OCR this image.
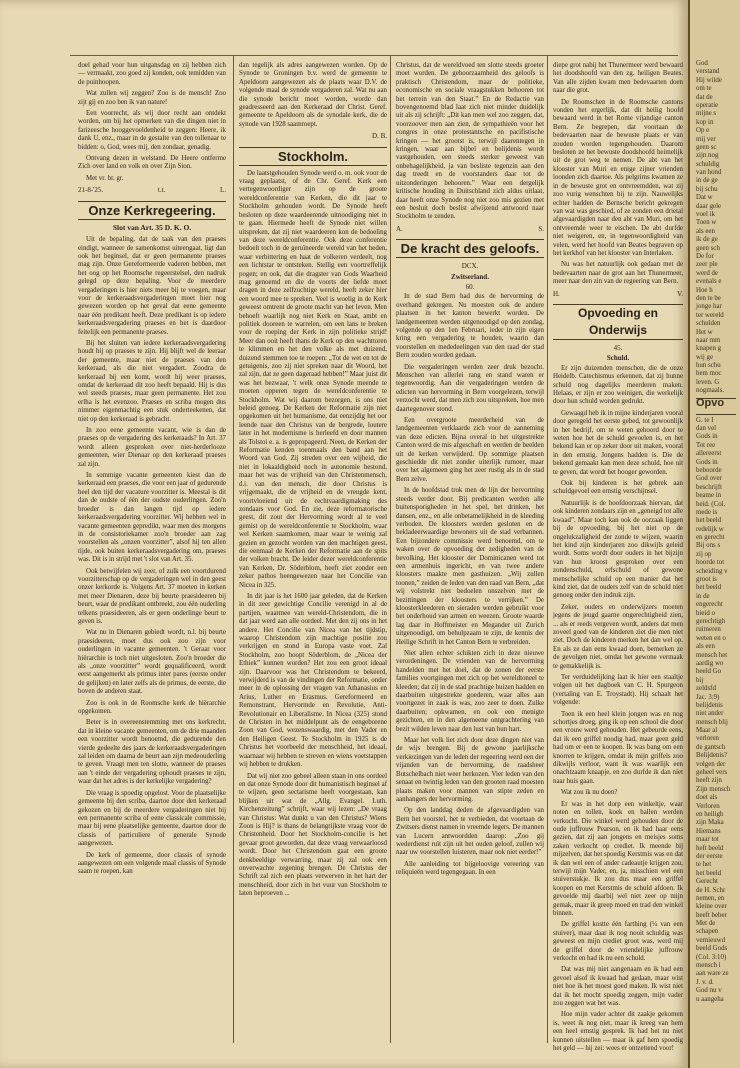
doel gehad voor hun uitgansdag en zij hebben zich — vermaakt, zoo goed zij konden, ook temidden van de puinhoopen.

Wat zullen wij zeggen? Zoo is de mensch! Zoo zijt gij en zoo ben ik van nature!

Een voorrecht, als wij door recht aan ontdekt worden, om bij het opmerken van die dingen niet in farizeesche hooggevoeldenheid te zeggen: Heere, ik dank U, enz., maar in de gestalte van den tollenaar te bidden: o, God, wees mij, den zondaar, genadig.

Ontvang dezen in welstand. De Heere ontferme Zich over land en volk en over Zijn Sion.

Met vr. br. gr.

21-8-'25.	t.t.	L.
Onze Kerkregeering.
Slot van Art. 35 D. K. O.

Uit de bepaling, dat de taak van den praeses eindigt, wanneer de samenkomst uiteengaat, ligt dan ook het beginsel, dat er geen permanente praeses mag zijn. Onze Gereformeerde vaderen hebben, met het oog op het Roomsche regeerstelsel, den nadruk gelegd op deze bepaling. Voor de meerdere vergaderingen is hier niets meer bij te voegen, maar voor de kerkeraadsvergaderingen moet hier nog gewezen worden op het geval dat eene gemeente naar één predikant heeft. Deze predikant is op iedere kerkeraadsvergadering praeses en het is daardoor feitelijk een permanente praeses.

Bij het sluiten van iedere kerkeraadsvergadering houdt bij op praeses te zijn. Hij blijft wel de leeraar der gemeente, maar niet de praeses van den kerkeraad, als die niet vergadert. Zoodra de kerkeraad bij een komt, wordt hij weer praeses, omdat de kerkeraad dit zoo heeft bepaald. Hij is dus wel steeds praeses, maar geen permanente. Het zou erlha is het evenzoo. Praeses en scriba mogen dus nimmer eigenmachtig een stuk onderteekenen, dat niet op den kerkeraad is gebracht.

In zoo eene gemeente vacant, wie is dan de praeses op de vergadering des kerkeraads? In Art. 37 wordt alleen gesproken over niet-herderlooze gemeenten, wier Dienaar op den kerkeraad praeses zal zijn.

In sommige vacante gemeenten kiest dan de kerkeraad een praeses, die voor een jaar of gedurende heel den tijd der vacature voorzitter is. Meestal is dit dan de oudste of één der oudste ouderlingen. Zoo'n broeder is dan langen tijd op iedere kerkeraadsvergadering voorzitter. Wij hebben wel in vacante gemeenten gepredikt, waar men des morgens in de consistoriekamer zoo'n broeder aan zag voorstellen als „onzen voorzitter”, alsof hij ten allen tijde, ook buiten kerkeraadsvergadering om, praeses was. Dit is in strijd met 't slot van Art. 35.

Ook betwijfelen wij zeer, of zulk een voortdurend voorzitterschap op de vergaderingen wel in den geest onzer kerkorde is. Volgens Art. 37 moeten in kerken met meer Dienaren, deze bij beurte praesideeren bij beurt, waar de predikant ontbreekt, zou één ouderling telkens praesideeren, als er geen onderlinge beurt te geven is.

Wat nu in Dienaren gebiedt wordt, n.l. bij beurte praesideeren, moet dus ook zoo zijn voor ouderlingen in vacante gemeenten. 't Geraar voor hiërarchie is toch niet uitgesloten. Zoo'n broeder die als „onze voorzitter” wordt gequalificeerd, wordt eerst aangemerkt als primus inter pares (eerste onder de gelijken) en later zelfs als de primus, de eerste, die boven de anderen staat.

Zoo is ook in de Roomsche kerk de hiërarchie opgekomen.

Beter is in overeenstemming met ons kerkrecht, dat in kleine vacante gemeenten, om de drie maanden een voorzitter wordt benoemd, die gedurende den vierde gedeelte des jaars de kerkeraadsvergaderingen zal leiden om daarna de beurt aan zijn medeouderling te geven. Vraagt men ten slotte, wanneer de praeses aan 't einde der vergadering ophoudt praeses te zijn, waar dat het adres is der kerkelijke vergadering?

Die vraag is spoedig opgelost. Voor de plaatselijke gemeente bij den scriba, daartoe door den kerkeraad gekozen en bij de meerdere vergaderingen niet bij een permanente scriba of eene classicale commissie, maar bij eene plaatselijke gemeente, daartoe door de classis of particuliere of generale Synode aangewezen.

De kerk of gemeente, door classis of synode aangewezen om een volgende maal classis of Synode saam te roepen, kan

dan tegelijk als adres aangewezen worden. Op de Synode te Groningen b.v. werd de gemeente te Apeldoorn aangewezen als de plaats waar D.V. de volgende maal de synode vergaderen zal. Wat nu aan die synode bericht moet worden, worde dan geadresseerd aan den Kerkeraad der Christ. Geref. gemeente te Apeldoorn als de synodale kerk, die de synode van 1928 saamroept.

D. B.
Stockholm.

De laatstgehouden Synode werd o. m. ook voor de vraag geplaatst, of de Chr. Geref. Kerk een vertegenwoordiger zijn op de groote wereldconferentie van Kerken, die dit jaar te Stockholm gehouden wordt. De Synode heeft besloten op deze waardeerende uitnoodiging niet in te gaan. Hiermede heeft de Synode niet willen uitspreken, dat zij niet waardeeren kon de bedoeling van deze wereldconferentie. Ook deze conferentie bedoelt toch in de geruïneerde wereld van het heden, waar verbittering en haat de volkeren verdeelt, nog een lichtstar te ontsteken. Stellig een voortreffelijk pogen; en ook, dat die dragster van Gods Waarheid mag genoemd en die de voorts der liefde moet dragen in deze zelfzuchtige wereld, heeft zeker hier een woord mee te spreken. Veel is woelig in de Kerk geweest omtrent de groote macht van het leven. Men behoeft waarlijk nog niet Kerk en Staat, ambt en politiek dooreen te warrelen, om een lans te breken voor de roeping der Kerk in zijn politieke strijd! Meer dan ooit heeft thans de Kerk op den wachttoren te klimmen en het den volke als met duizend, duizend stemmen toe te roepen: „Tot de wet en tot de getuigenis, zoo zij niet spreken naar dit Woord, het zal zijn, dat ze geen dageraad hebben!” Maar juist dit was het bezwaar, 't welk onze Synode meende te moeten opperen tegen de wereldconferentie te Stockholm. Wat wij daarom bezorgen, is ons niet beleid genoeg. De Kerken der Reformatie zijn niet opgekomen uit het humanisme, dat eenzijdig het oor leende naar den Christus van de bergrede, loutere later in het modernisme is herleefd en door mannen als Tolstoi e. a. is gepropageerd. Neen, de Kerken der Reformatie kenden toenmaals den band aan het Woord van God. Zij streden over een wijheid, die niet in lokaaldigheid noch in autonomie bestond, maar het was de vrijheid van den Christenmensch, d.i. van den mensch, die door Christus is vrijgemaakt, die de vrijheid en de vreugde kent, voortvloeiend uit de rechtvaardigmaking des zondaars voor God. En zie, deze reformatorische geest, dit zout der Hervorming wordt al te veel gemist op de wereldconferentie te Stockholm, waar wel Kerken saamkomen, maar waar te weinig zal gezien en gezocht worden van den machtigen geest, die eenmaal de Kerken der Reformatie aan de spits der volken bracht. De leider dezer wereldconferentie van Kerken, Dr. Söderblom, heeft ziet zonder een zeker pathos heengewezen naar het Concilie van Nicea in 325.

In dit jaar is het 1600 jaar geleden, dat de Kerken in dit zeer gewichtige Concilie verenigd in al de partijen, waarmee van wereld-Christendom, die in dat jaar werd aan alle oordeel. Met den zij ons in het andere. Het Concilie van Nicea van het tijdstip, waarop Christendom zijn machtige positie zou verkrijgen en stond in Europa vaste voet. Zal Stockholm, zoo hoopt Söderblom, de „Nicea der Ethiek” kunnen worden? Het zou een groot ideaal zijn. Daarvoor was het Christendom te bekeerd, verwijderd is van de vindingen der Reformatie, onder meer in de oplossing der vragen van Athanasius en Arius, Luther en Erasmus. Gereformeerd en Remonstrant, Hervormde en Revolutie, Anti-Revolutionair en Liberalisme. In Nicea (325) stond de Christen in het middelpunt als de eengeborene Zoon van God, wezenswaardig, met den Vader en den Heiligen Geest. Te Stockholm in 1925 is de Christus het voorbeeld der menschheid, het ideaal, waarnaar wij hebben te streven en wiens voetstappen wij hebben te drukken.

Dat wij niet zoo gebeel alleen staan in ons oordeel en dat onze Synode door dit humanistisch beginsel af te wijzen, geen sectarisme heeft voorgestaan, kan blijken uit wat de „Allg. Evangel. Luth. Kirchenzeitung” schrijft, waar wij lezen: „De vraag van Christus: Wat dunkt u van den Christus? Wiens Zoon is Hij? is thans de belangrijkste vraag voor de Christenheid. Door het Stockholm-concilie is het gevaar groot geworden, dat deze vraag verwaarloosd wordt. Door het Christendom gaat een groote denkbeeldige verwarring, maar zij zal ook een onverwachte zegening brengen. De Christus der Schrift zal zich een plaats verwerven in het hart der menschheid, door zich in het vuur van Stockholm te laten beproeven ...

Christus, dat de wereldvoed ten slotte steeds groeter moet worden. De gehoorzaamheid des geloofs is praktisch Christendom, maar de politieke, economische en sociale vraagstukken behooren tot het terrein van den Staat.” En de Redactie van bovengenoemd blad laat zich niet minder duidelijk uit als zij schrijft: „Dit kan men wel zoo zeggen, dat, voorzoover men aan zien, de sympathieën voor het congres in onze protestantsche en pacifistische kringen — het grootst is, terwijl daarentegen in kringen, waar aan bijbel en belijdenis wordt vastgehouden, een steeds sterker geweest van onbehagelijkheid, ja van besliste tegenzin aan den dag treedt en de voorstanders daar tot de uitzonderingen behooren.” Waar een dergelijk kritische houding in Duitschland zich aldus uitlaat, daar heeft onze Synode nog niet zoo mis gezien met een besluit doch beslist afwijzend antwoord naar Stockholm te zenden.

A.	S.
De kracht des geloofs.
DCX.
Zwitserland.
60.

In de stad Bern had dus de hervorming de overhand gekregen. Nu moesten ook de andere plaatsen in het kanton bewerkt worden. De landgemeenten werden uitgenoodigd op den zondag, volgende op den 1en Februari, ieder in zijn eigen kring een vergadering te houden, waarin dan voorstellen en mededeelingen van den raad der stad Bern zouden worden gedaan.

Die vergaderingen werden zeer druk bezocht. Menschen van allerlei rang en stand waren er tegenwoordig. Aan die vergaderingen werden de edicten van hervorming in Bern voorgelezen, terwijl verzocht werd, dat men zich zou uitspreken, hoe men daartegenover stond.

Een overgroote meerderheid van de landgemeenten verklaarde zich voor de aanneming van deze edicten. Bijna overal in het uitgestrekte Canton werd de mis afgeschaft en werden de beelden uit de kerken verwijderd. Op sommige plaatsen geschiedde dit niet zonder uiterlijk rumoer, maar over het algemeen ging het zeer rustig als in de stad Bern zelve.

In de hoofdstad trok men de lijn der hervorming steeds verder door. Bij predicanten werden alle buitensporigheden in het spel, het drinken, het dansen, enz., en alle onbetamelijkheid in de kleeding verboden. De kloosters werden gesloten en de bekladeerwaardige bewoners uit de stad verbannen. Een bijzondere commissie werd benoemd, om te waken over de opvoeding der zedigheden van de bevolking. Het klooster der Dominicanen werd tot een armenhuis ingericht, en van twee andere kloosters maakte men gasthuizen. „Wij zullen toonen,” zeiden de leden van den raad van Bern, „dat wij volstrekt niet bedoelen onszelven met de bezittingen der kloosters te verrijken.” De kloosterkleederen en sieraden werden gebruikt voor het onderhoud van armen en weezen. Groote waarde lag daar in Hoffmeister en Megander uit Zurich uitgenoodigd, om behulpzaam te zijn, de kennis der Heilige Schrift in het Canton Bern te verbreiden.

Niet allen echter schikten zich in deze nieuwe verordeningen. De vrienden van de hervorming handelden met het doel, dat de zonen der eerste families voortgingen met zich op het wereldtoneel te kleeden; dat zij in de stad prachtige huizen hadden en daarbuiten uitgestrekte goederen, waar alles aan voortgezet in zaak is was, zoo zeer te doen. Zulke daarbuiten; opkwamen, en ook een menigte gezichten, en in den algemeene ontgrachtering van bezit wilden leven naar den lust van hun hart.

Maar het volk liet zich door deze dingen niet van de wijs brengen. Bij de gewone jaarlijksche verkiezingen van de leden der regeering werd een der vijanden van de hervorming, de raadsheer Butschelbach niet weer herkozen. Vier leden van den senaat en twintig leden van den grooten raad moesten plaats maken voor mannen van stipte zeden en aanhangers der hervorming.

Op den landdag deden de afgevaardigden van Bern het voorstel, het te verbieden, dat voortaan de Zwitsers dienst namen in vreemde legers. De mannen van Lucern antwoordden daarop: „Zoo gij wederdienst ruït zijn uit het ouden geloof, zullen wij naar uw voorstellen luisteren, maar ook niet eerder!”

Alle aanleiding tot bijgeloovige vereering van reliquieën werd tegengegaan. In een

diepe grot nabij het Thunermeer werd bewaard het doodshoofd van den zg. heiligen Beates. Van alle zijden kwam men bedevaarten doen naar die grot.

De Roomschen in de Roomsche cantons vonden het ergerlijk, dat dit heilig hoofd bewaard werd in het Rome vijandige canton Bern. Ze begrepen, dat voortaan de bedevaarten naar de bewuste plaats er van zouden worden tegengehouden. Daarom besloten ze het bewuste doodshoofd heimelijk uit de grot weg te nemen. De abt van het klooster van Muri en enige zijner vrienden loonden zich daartoe. Als pelgrims kwamen ze in de bewuste grot en ontvreemdden, wat zij zoo vurig wenschten bij te zijn. Nauwelijks echter hadden de Bernsche bericht gekregen van wat was geschied, of ze zonden een drietal afgevaardigden naar den abt van Muri, om het ontvreemde weer te eischen. De abt durfde niet weigeren, en, in tegenwoordigheid van velen, werd het hoofd van Beates begraven op het kerkhof van het klooster van Interlaken.

Nu was het natuurlijk ook gedaan met de bedevaarten naar de grot aan het Thunermeer, meer naar den zin van de regeering van Bern.

H.	V.
Opvoeding en Onderwijs
45.
Schuld.

Er zijn duizenden menschen, die de onze Heidelb. Catechismus erkennen, dat zij hunne schuld nog dagelijks meerderen maken. Helaas, er zijn er zoo weinigen, die werkelijk door hun schuld worden gedrukt.

Gewaagd heb ik in mijne kinderjaren vooral door geregeld het eerste gebed, tot gewoonlijk in het bedrijf, om te weten gehoord door te weten hoe het de schuld gevoelen is, en het bekend kan er op zeker door uit maken, vooral in den ernstig. Jongens hadden is. Die de bekend gemaakt kan men deze schuld, hoe uit te geven, dat wordt het hooger geworden.

Ook bij kinderen is het gebrek aan schuldgevoel een ernstig verschijnsel.

Natuurlijk is de hoofdoorzaak hiervan, dat ook kinderen zondaars zijn en „geneigd tot alle kwaad”. Maar toch kan ook de oorzaak liggen bij de opvoeding, bij het niet op de ongelukzaligheid der zonde te wijzen, waarin het kind zijn kinderjaren zoo dikwijls geleid wordt. Soms wordt door ouders in het bijzijn van hun kroost gesproken over een zondenschuld, erfschuld of gewone menschelijke schuld op een manier dat het kind ziet, dat de ouders zelf van de schuld niet genoeg onder den indruk zijn.

Zeker, ouders en onderwijzers moeten jegens de jeugd gaarne ongerechtigheid zien, ... als er reeds vergeven wordt, anders dat men zoveel goed van de kinderen ziet die men niet ziet. Doch de kinderen merken het dan wel op. En als ze dan eens kwaad doen, bemerken ze de gevolgen niet, omdat het gewone vermaak te gemakkelijk is.

Ter verduidelijking laat ik hier een staaltje volgen uit het dagboek van C. H. Spurgeon (vertaling van E. Troystadt). Hij schaalt het volgende:

Toen ik een heel klein jongen was en nog schortjes droeg, ging ik op een school die door een vrouw werd gehouden. Het gebeurde eens, dat ik een griffel noodig had, maar geen geld had om er een te koopen. Ik was bang om een knorren te krijgen, omdat ik mijn griffels zoo dikwijls verloor, want ik was waarlijk een onachtzaam knaapje, en zoo durfde ik dan niet naar huis gaan.

Wat zou ik nu doen?

Er was in het dorp een winkeltje, waar noten en tollen, koek en ballen werden verkocht. Die winkel werd gehouden door de oude juffrouw Pearson, en ik had haar eens gezien, dat zij aan jongens en meisjes soms zaken verkocht op crediet. Ik meende bij mijzelven, dat het spoedig Kerstmis was en dat ik dan wel een of ander cadeautje krijgen zou, terwijl mijn Vader, en, ja, misschien wel een stuiverstukje. Ik zou dus maar een griffel koopen en met Kerstmis de schuld afdoen. Ik gevoelde mij daarbij wel niet zeer op mijn gemak, maar ik greep moed en trad den winkel binnen.

De griffel kostte één farthing (¼ van een stuiver), maar daar ik nog nooit schuldig was geweest en mijn crediet groot was, werd mij de griffel door de vriendelijke juffrouw verkocht en had ik nu een schuld.

Dat was mij niet aangenaam en ik had een gevoel alsof ik kwaad had gedaan, maar wist niet hoe ik het moest goed maken. Ik wist niet dat ik het mocht spoedig zeggen, mijn vader zou zeggen wat het was.

Hoe mijn vader achter dit zaakje gekomen is, weet ik nog niet, maar ik kreeg van hem een heel ernstig gesprek. Ik had het nu niet kunnen uitstellen — maar ik gaf hem spoedig het geld — hij zei: wees er ontzettend voor!

God
verstand
Hij wilde
om te
dat de
operatie
mijne s
kop in
Op e
mij ver
geen sc
zijn nog
schuldig
van hond
in de ge
bij schu
Dat w
daar gele
voel ik
Toen w
als een
ik de ge
geen sch
De for
zeer ple
werd de
evenals e
Hoe h
den te be
jonge har
ter wereld
schulden
Het w
naar mm
knapen g
wij ge
hun schu
hem moc
leven. G
nogmaals.
Opvo
G. te I
dan vel
Gods in
Tot ree
allereerst
Gods in
beboorde
God over
beschrijft
beame in
heid. (Col.
mede is
het beeld
redelijk w
en gerecht
Bij ons s
zij op
hoorde tot
scheiding v
groot is
het beeld
in de
engerecht
bieid o
gerechtigh
ruimeren
weten en o
als een
mensch het
aardig wo
beeld Go
bij
zeldsfd
Jac. 3:9)
belijdenis
niet ander
mensch blij
Maar al
verloren
de gantsch
Belijdenis?
volgen der
geheel vers
heeft zijn
Zijn mensch
doet als
Verloren
en heiligh
zijn Maka
Hiemans
maar tot
heft beeld
der eerste
te het
het beeld
Gerecht
de H. Schr
nemen, en
kleine over
heeft beber
Met de
schapen
vernieuwd
beeld Gods
(Col. 3:10)
mensch i
aan ware ze
J. v. d.
God nu v
u aangeha
